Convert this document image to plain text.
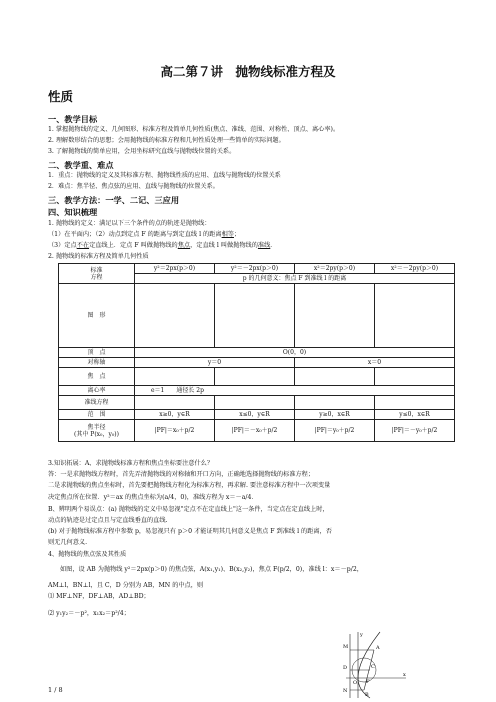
高二第７讲　抛物线标准方程及
性质
一、教学目标
1. 掌握抛物线的定义、几何图形、标准方程及简单几何性质(焦点、准线、范围、对称性、顶点、离心率)。
2. 理解数形结合的思想；会用抛物线的标准方程和几何性质处理一些简单的实际问题。
3. 了解抛物线的简单应用，会用坐标研究直线与抛物线位置的关系。
二、教学重、难点
1．重点：抛物线的定义及其标准方程、抛物线性质的应用、直线与抛物线的位置关系
2．难点：焦半径、焦点弦的应用、直线与抛物线的位置关系。
三、教学方法：一学、二记、三应用
四、知识梳理
1. 抛物线的定义：满足以下三个条件的点的轨迹是抛物线：
（1）在平面内；（2）动点到定点 F 的距离与到定直线 l 的距离相等；
（3）定点不在定直线上．定点 F 叫做抛物线的焦点，定直线 l 叫做抛物线的准线．
2. 抛物线的标准方程及简单几何性质
标准
方程	y²＝2px(p＞0)	y²＝－2px(p＞0)	x²＝2py(p＞0)	x²＝－2py(p＞0)
	p 的几何意义：焦点 F 到准线 l 的距离			
图　形				
顶　点	O(0，0)			
对称轴	y＝0		x＝0	
焦　点				
离心率	e＝1　　通径长 2p			
准线方程				
范　围	x≥0，y∈R	x≤0，y∈R	y≥0，x∈R	y≤0，x∈R

焦半径
(其中 P(x₀，y₀))	|PF|＝x₀＋p/2	|PF|＝－x₀＋p/2	|PF|＝y₀＋p/2	|PF|＝－y₀＋p/2
3.知识拓展：A、求抛物线标准方程和焦点坐标要注意什么？
答：一是求抛物线方程时，首先弄清抛物线的对称轴和开口方向，正确地选择抛物线的标准方程；
二是求抛物线的焦点坐标时，首先要把抛物线方程化为标准方程，再求解. 要注意标准方程中一次项变量
决定焦点所在位置．y²＝ax 的焦点坐标为(a/4，0)，准线方程为 x＝－a/4．
B、辨明两个易误点：(a) 抛物线的定义中易忽视"定点不在定直线上"这一条件，当定点在定直线上时，
动点的轨迹是过定点且与定直线垂直的直线.
(b) 对于抛物线标准方程中参数 p，易忽视只有 p＞0 才能证明其几何意义是焦点 F 到准线 l 的距离，否
则无几何意义.
4、抛物线的焦点弦及其性质
如图，设 AB 为抛物线 y²＝2px(p＞0) 的焦点弦，A(x₁,y₁)、B(x₂,y₂)，焦点 F(p/2，0)，准线 l：x＝－p/2，
AM⊥l，BN⊥l，且 C，D 分别为 AB，MN 的中点，则
⑴ MF⊥NF，DF⊥AB，AD⊥BD；
⑵ y₁y₂＝－p²，x₁x₂＝p²/4；
M	A
D	C
F
N
B
x
y
O
1 / 8
